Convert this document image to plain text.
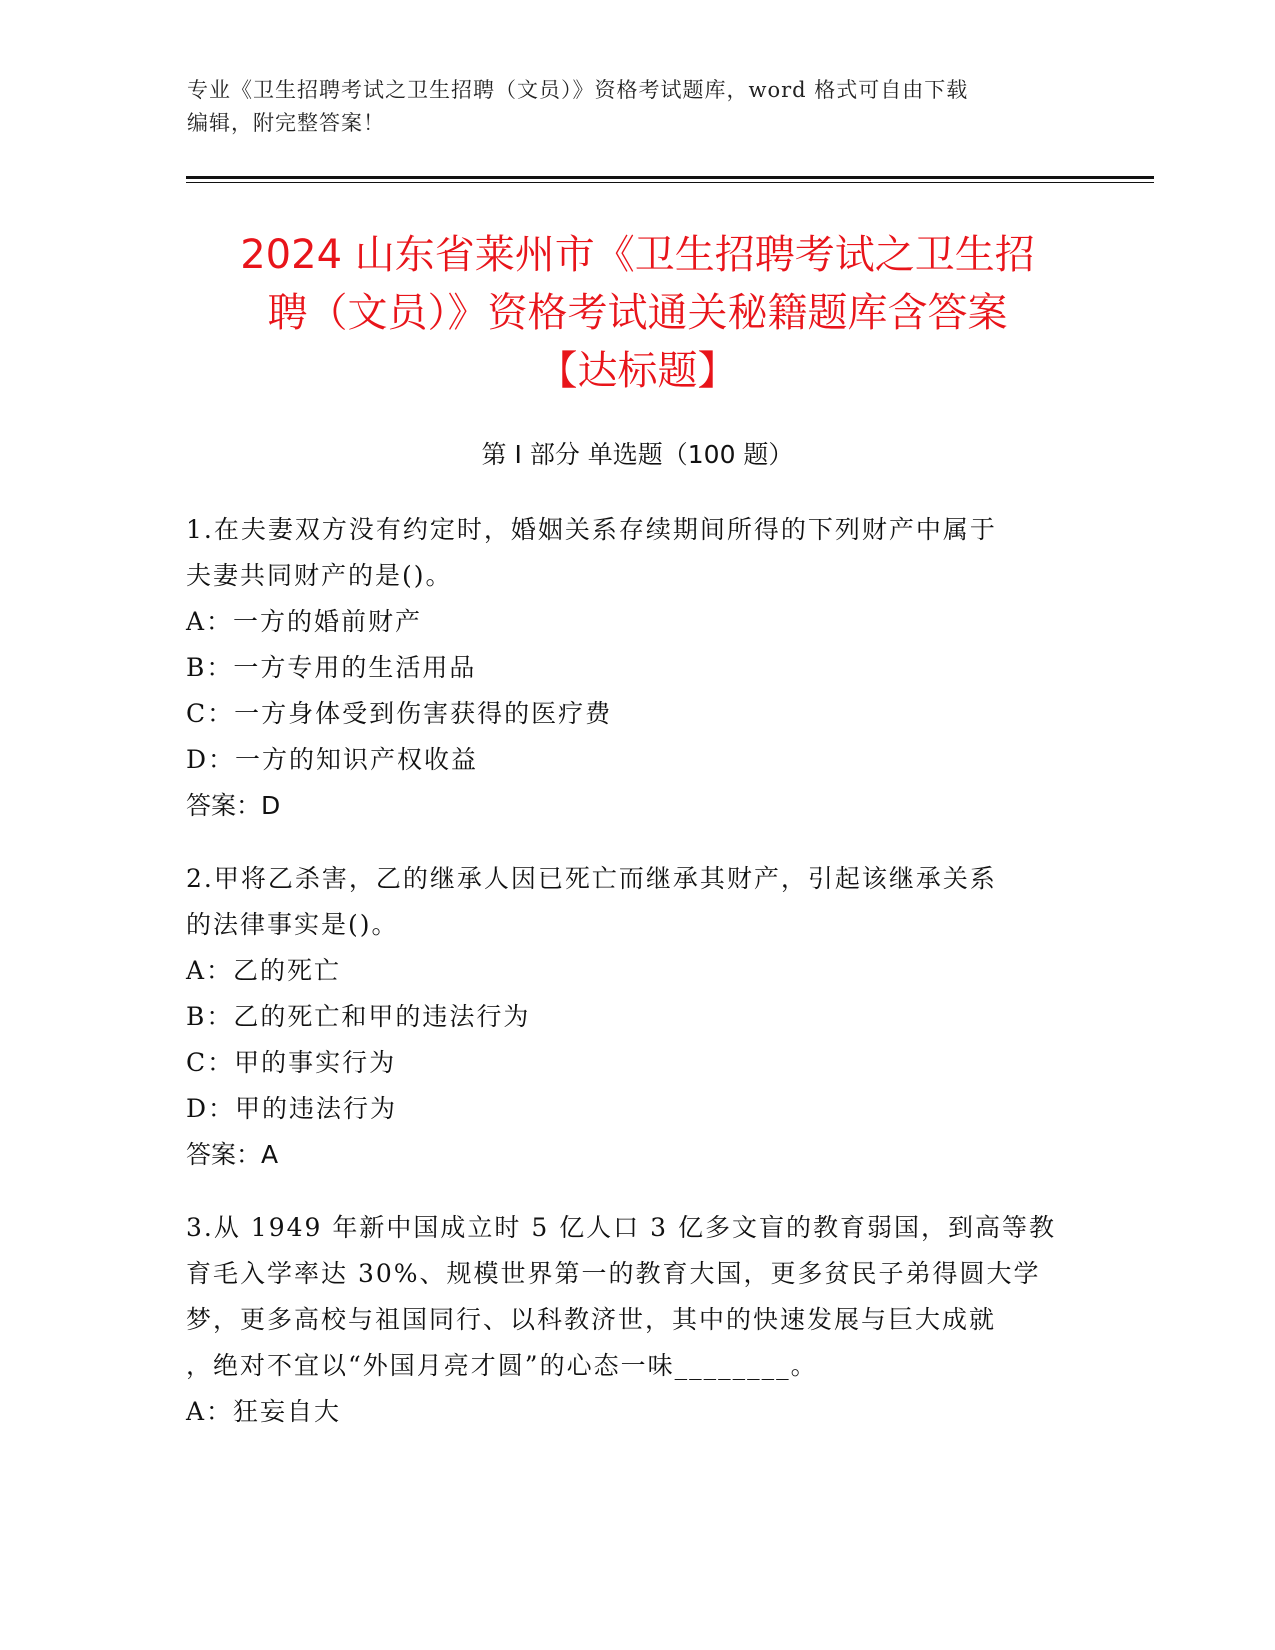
专业《卫生招聘考试之卫生招聘（文员）》资格考试题库，word 格式可自由下载
编辑，附完整答案！
2024 山东省莱州市《卫生招聘考试之卫生招
聘（文员）》资格考试通关秘籍题库含答案
【达标题】
第 I 部分 单选题（100 题）

1.在夫妻双方没有约定时，婚姻关系存续期间所得的下列财产中属于

夫妻共同财产的是()。

A：一方的婚前财产

B：一方专用的生活用品

C：一方身体受到伤害获得的医疗费

D：一方的知识产权收益

答案：D

2.甲将乙杀害，乙的继承人因已死亡而继承其财产，引起该继承关系

的法律事实是()。

A：乙的死亡

B：乙的死亡和甲的违法行为

C：甲的事实行为

D：甲的违法行为

答案：A

3.从 1949 年新中国成立时 5 亿人口 3 亿多文盲的教育弱国，到高等教

育毛入学率达 30%、规模世界第一的教育大国，更多贫民子弟得圆大学

梦，更多高校与祖国同行、以科教济世，其中的快速发展与巨大成就

，绝对不宜以“外国月亮才圆”的心态一味________。

A：狂妄自大
